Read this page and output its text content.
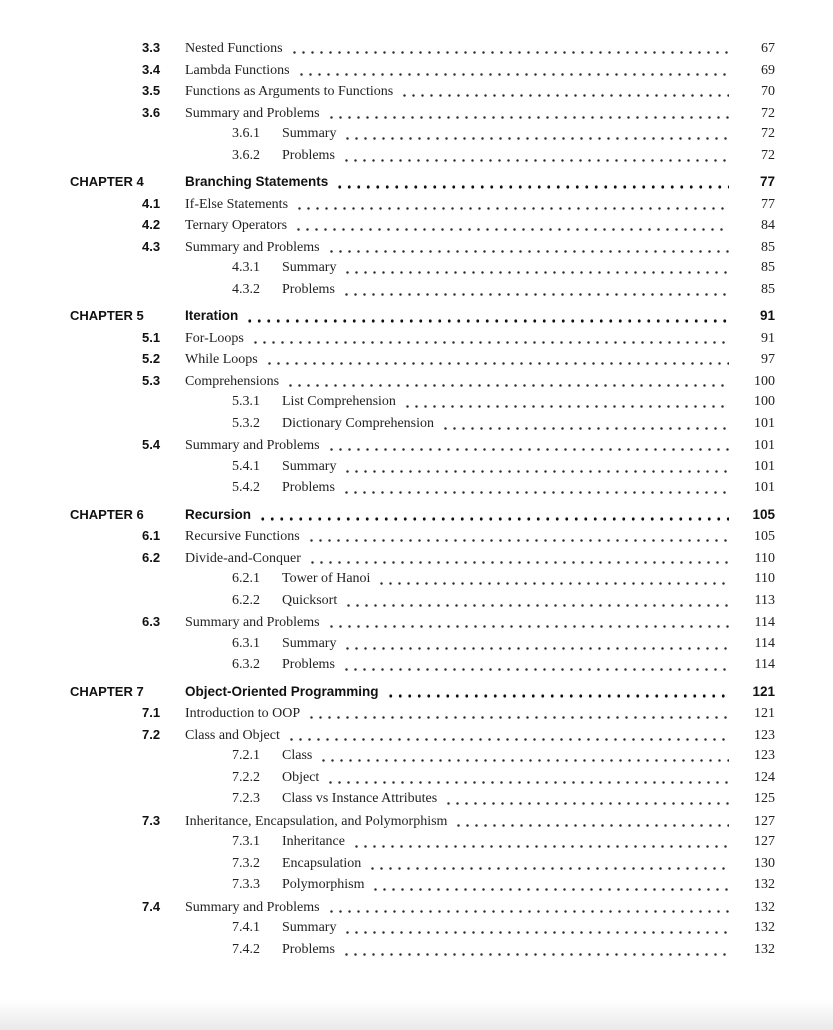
3.3	Nested Functions	67
3.4	Lambda Functions	69
3.5	Functions as Arguments to Functions	70
3.6	Summary and Problems	72
3.6.1	Summary	72
3.6.2	Problems	72
CHAPTER 4	Branching Statements	77
4.1	If-Else Statements	77
4.2	Ternary Operators	84
4.3	Summary and Problems	85
4.3.1	Summary	85
4.3.2	Problems	85
CHAPTER 5	Iteration	91
5.1	For-Loops	91
5.2	While Loops	97
5.3	Comprehensions	100
5.3.1	List Comprehension	100
5.3.2	Dictionary Comprehension	101
5.4	Summary and Problems	101
5.4.1	Summary	101
5.4.2	Problems	101
CHAPTER 6	Recursion	105
6.1	Recursive Functions	105
6.2	Divide-and-Conquer	110
6.2.1	Tower of Hanoi	110
6.2.2	Quicksort	113
6.3	Summary and Problems	114
6.3.1	Summary	114
6.3.2	Problems	114
CHAPTER 7	Object-Oriented Programming	121
7.1	Introduction to OOP	121
7.2	Class and Object	123
7.2.1	Class	123
7.2.2	Object	124
7.2.3	Class vs Instance Attributes	125
7.3	Inheritance, Encapsulation, and Polymorphism	127
7.3.1	Inheritance	127
7.3.2	Encapsulation	130
7.3.3	Polymorphism	132
7.4	Summary and Problems	132
7.4.1	Summary	132
7.4.2	Problems	132
